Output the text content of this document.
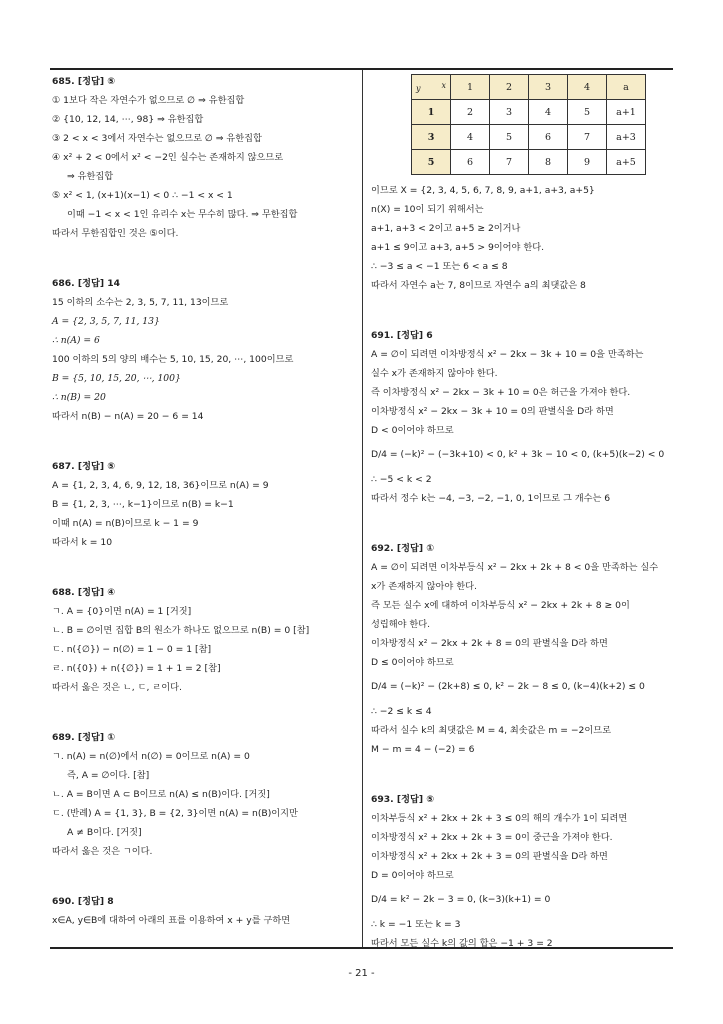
685. [정답] ⑤
① 1보다 작은 자연수가 없으므로 ∅ ⇒ 유한집합
② {10, 12, 14, ⋯, 98} ⇒ 유한집합
③ 2 < x < 3에서 자연수는 없으므로 ∅ ⇒ 유한집합
④ x² + 2 < 0에서 x² < −2인 실수는 존재하지 않으므로
⇒ 유한집합
⑤ x² < 1, (x+1)(x−1) < 0 ∴ −1 < x < 1
이때 −1 < x < 1인 유리수 x는 무수히 많다. ⇒ 무한집합
따라서 무한집합인 것은 ⑤이다.
686. [정답] 14
15 이하의 소수는 2, 3, 5, 7, 11, 13이므로
A = {2, 3, 5, 7, 11, 13}
∴ n(A) = 6
100 이하의 5의 양의 배수는 5, 10, 15, 20, ⋯, 100이므로
B = {5, 10, 15, 20, ⋯, 100}
∴ n(B) = 20
따라서 n(B) − n(A) = 20 − 6 = 14
687. [정답] ⑤
A = {1, 2, 3, 4, 6, 9, 12, 18, 36}이므로 n(A) = 9
B = {1, 2, 3, ⋯, k−1}이므로 n(B) = k−1
이때 n(A) = n(B)이므로 k − 1 = 9
따라서 k = 10
688. [정답] ④
ㄱ. A = {0}이면 n(A) = 1 [거짓]
ㄴ. B = ∅이면 집합 B의 원소가 하나도 없으므로 n(B) = 0 [참]
ㄷ. n({∅}) − n(∅) = 1 − 0 = 1 [참]
ㄹ. n({0}) + n({∅}) = 1 + 1 = 2 [참]
따라서 옳은 것은 ㄴ, ㄷ, ㄹ이다.
689. [정답] ①
ㄱ. n(A) = n(∅)에서 n(∅) = 0이므로 n(A) = 0
즉, A = ∅이다. [참]
ㄴ. A = B이면 A ⊂ B이므로 n(A) ≤ n(B)이다. [거짓]
ㄷ. (반례) A = {1, 3}, B = {2, 3}이면 n(A) = n(B)이지만
A ≠ B이다. [거짓]
따라서 옳은 것은 ㄱ이다.
690. [정답] 8
x∈A, y∈B에 대하여 아래의 표를 이용하여 x + y를 구하면
x
y	1	2	3	4	a
1	2	3	4	5	a+1
3	4	5	6	7	a+3
5	6	7	8	9	a+5
이므로 X = {2, 3, 4, 5, 6, 7, 8, 9, a+1, a+3, a+5}
n(X) = 10이 되기 위해서는
a+1, a+3 < 2이고 a+5 ≥ 2이거나
a+1 ≤ 9이고 a+3, a+5 > 9이어야 한다.
∴ −3 ≤ a < −1 또는 6 < a ≤ 8
따라서 자연수 a는 7, 8이므로 자연수 a의 최댓값은 8
691. [정답] 6
A = ∅이 되려면 이차방정식 x² − 2kx − 3k + 10 = 0을 만족하는
실수 x가 존재하지 않아야 한다.
즉 이차방정식 x² − 2kx − 3k + 10 = 0은 허근을 가져야 한다.
이차방정식 x² − 2kx − 3k + 10 = 0의 판별식을 D라 하면
D < 0이어야 하므로
D/4 = (−k)² − (−3k+10) < 0, k² + 3k − 10 < 0, (k+5)(k−2) < 0
∴ −5 < k < 2
따라서 정수 k는 −4, −3, −2, −1, 0, 1이므로 그 개수는 6
692. [정답] ①
A = ∅이 되려면 이차부등식 x² − 2kx + 2k + 8 < 0을 만족하는 실수
x가 존재하지 않아야 한다.
즉 모든 실수 x에 대하여 이차부등식 x² − 2kx + 2k + 8 ≥ 0이
성립해야 한다.
이차방정식 x² − 2kx + 2k + 8 = 0의 판별식을 D라 하면
D ≤ 0이어야 하므로
D/4 = (−k)² − (2k+8) ≤ 0, k² − 2k − 8 ≤ 0, (k−4)(k+2) ≤ 0
∴ −2 ≤ k ≤ 4
따라서 실수 k의 최댓값은 M = 4, 최솟값은 m = −2이므로
M − m = 4 − (−2) = 6
693. [정답] ⑤
이차부등식 x² + 2kx + 2k + 3 ≤ 0의 해의 개수가 1이 되려면
이차방정식 x² + 2kx + 2k + 3 = 0이 중근을 가져야 한다.
이차방정식 x² + 2kx + 2k + 3 = 0의 판별식을 D라 하면
D = 0이어야 하므로
D/4 = k² − 2k − 3 = 0, (k−3)(k+1) = 0
∴ k = −1 또는 k = 3
따라서 모든 실수 k의 값의 합은 −1 + 3 = 2
- 21 -
